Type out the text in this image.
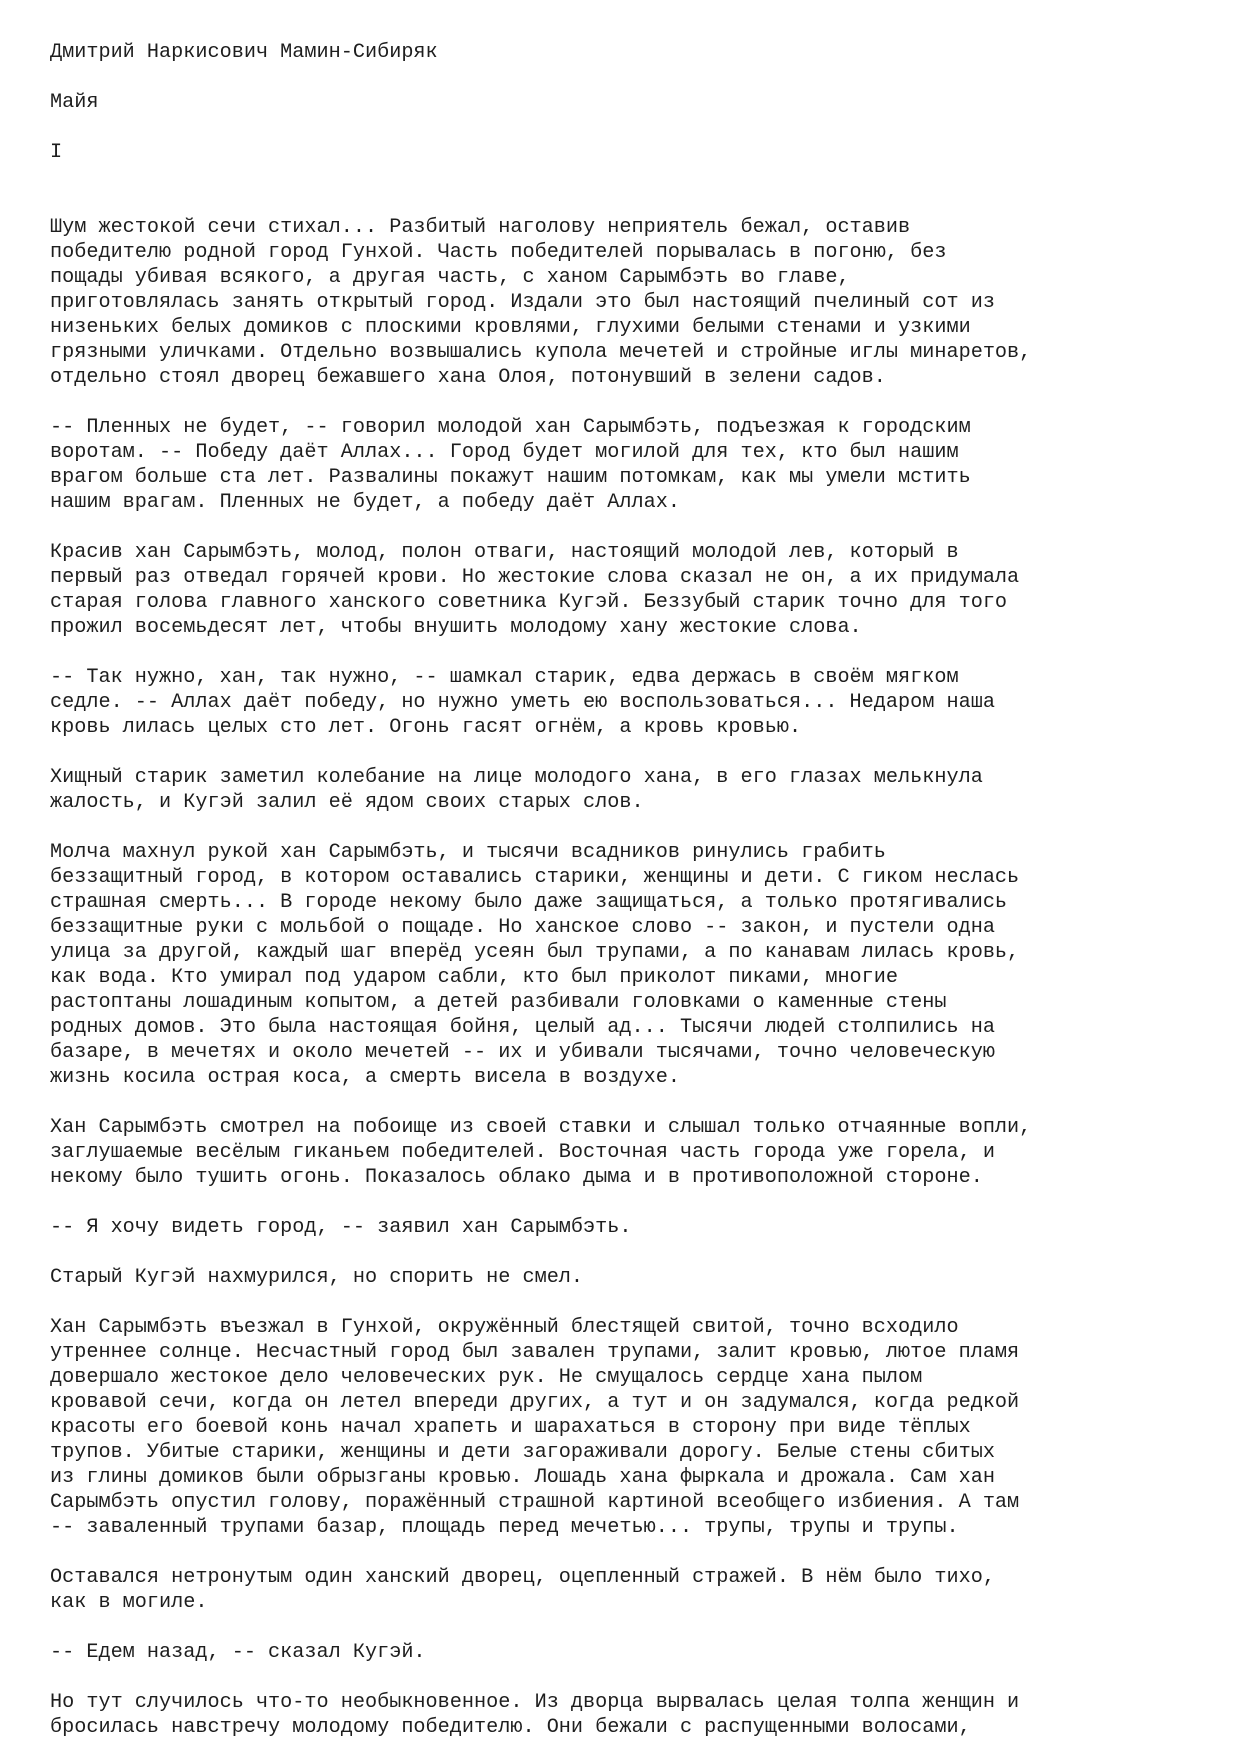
Дмитрий Наркисович Мамин-Сибиряк
Майя
I
Шум жестокой сечи стихал... Разбитый наголову неприятель бежал, оставив
победителю родной город Гунхой. Часть победителей порывалась в погоню, без
пощады убивая всякого, а другая часть, с ханом Сарымбэть во главе,
приготовлялась занять открытый город. Издали это был настоящий пчелиный сот из
низеньких белых домиков с плоскими кровлями, глухими белыми стенами и узкими
грязными уличками. Отдельно возвышались купола мечетей и стройные иглы минаретов,
отдельно стоял дворец бежавшего хана Олоя, потонувший в зелени садов.
-- Пленных не будет, -- говорил молодой хан Сарымбэть, подъезжая к городским
воротам. -- Победу даёт Аллах... Город будет могилой для тех, кто был нашим
врагом больше ста лет. Развалины покажут нашим потомкам, как мы умели мстить
нашим врагам. Пленных не будет, а победу даёт Аллах.
Красив хан Сарымбэть, молод, полон отваги, настоящий молодой лев, который в
первый раз отведал горячей крови. Но жестокие слова сказал не он, а их придумала
старая голова главного ханского советника Кугэй. Беззубый старик точно для того
прожил восемьдесят лет, чтобы внушить молодому хану жестокие слова.
-- Так нужно, хан, так нужно, -- шамкал старик, едва держась в своём мягком
седле. -- Аллах даёт победу, но нужно уметь ею воспользоваться... Недаром наша
кровь лилась целых сто лет. Огонь гасят огнём, а кровь кровью.
Хищный старик заметил колебание на лице молодого хана, в его глазах мелькнула
жалость, и Кугэй залил её ядом своих старых слов.
Молча махнул рукой хан Сарымбэть, и тысячи всадников ринулись грабить
беззащитный город, в котором оставались старики, женщины и дети. С гиком неслась
страшная смерть... В городе некому было даже защищаться, а только протягивались
беззащитные руки с мольбой о пощаде. Но ханское слово -- закон, и пустели одна
улица за другой, каждый шаг вперёд усеян был трупами, а по канавам лилась кровь,
как вода. Кто умирал под ударом сабли, кто был приколот пиками, многие
растоптаны лошадиным копытом, а детей разбивали головками о каменные стены
родных домов. Это была настоящая бойня, целый ад... Тысячи людей столпились на
базаре, в мечетях и около мечетей -- их и убивали тысячами, точно человеческую
жизнь косила острая коса, а смерть висела в воздухе.
Хан Сарымбэть смотрел на побоище из своей ставки и слышал только отчаянные вопли,
заглушаемые весёлым гиканьем победителей. Восточная часть города уже горела, и
некому было тушить огонь. Показалось облако дыма и в противоположной стороне.
-- Я хочу видеть город, -- заявил хан Сарымбэть.
Старый Кугэй нахмурился, но спорить не смел.
Хан Сарымбэть въезжал в Гунхой, окружённый блестящей свитой, точно всходило
утреннее солнце. Несчастный город был завален трупами, залит кровью, лютое пламя
довершало жестокое дело человеческих рук. Не смущалось сердце хана пылом
кровавой сечи, когда он летел впереди других, а тут и он задумался, когда редкой
красоты его боевой конь начал храпеть и шарахаться в сторону при виде тёплых
трупов. Убитые старики, женщины и дети загораживали дорогу. Белые стены сбитых
из глины домиков были обрызганы кровью. Лошадь хана фыркала и дрожала. Сам хан
Сарымбэть опустил голову, поражённый страшной картиной всеобщего избиения. А там
-- заваленный трупами базар, площадь перед мечетью... трупы, трупы и трупы.
Оставался нетронутым один ханский дворец, оцепленный стражей. В нём было тихо,
как в могиле.
-- Едем назад, -- сказал Кугэй.
Но тут случилось что-то необыкновенное. Из дворца вырвалась целая толпа женщин и
бросилась навстречу молодому победителю. Они бежали с распущенными волосами,
